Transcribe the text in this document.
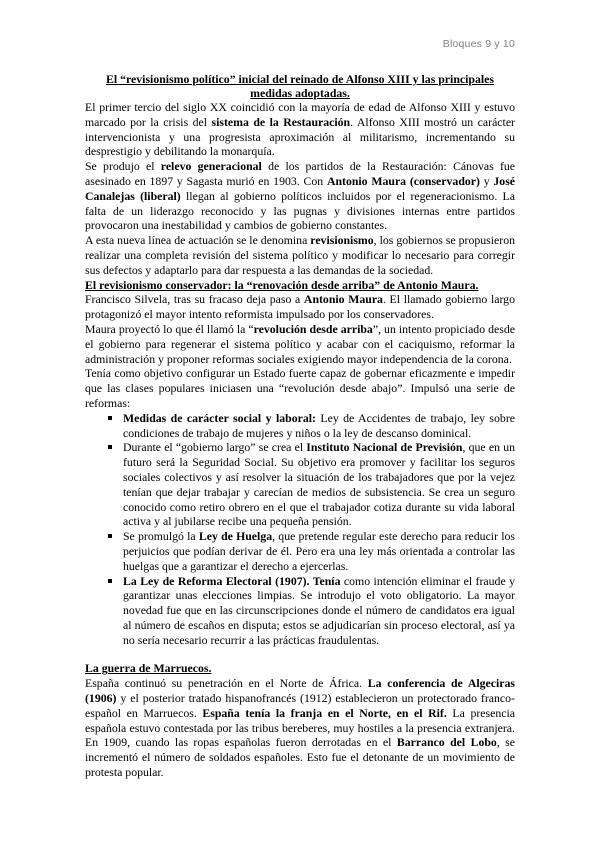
Bloques 9 y 10
El “revisionismo político” inicial del reinado de Alfonso XIII y las principales medidas adoptadas.

El primer tercio del siglo XX coincidió con la mayoría de edad de Alfonso XIII y estuvo marcado por la crisis del sistema de la Restauración. Alfonso XIII mostró un carácter intervencionista y una progresista aproximación al militarismo, incrementando su desprestigio y debilitando la monarquía.

Se produjo el relevo generacional de los partidos de la Restauración: Cánovas fue asesinado en 1897 y Sagasta murió en 1903. Con Antonio Maura (conservador) y José Canalejas (liberal) llegan al gobierno políticos incluidos por el regeneracionismo. La falta de un liderazgo reconocido y las pugnas y divisiones internas entre partidos provocaron una inestabilidad y cambios de gobierno constantes.

A esta nueva línea de actuación se le denomina revisionismo, los gobiernos se propusieron realizar una completa revisión del sistema político y modificar lo necesario para corregir sus defectos y adaptarlo para dar respuesta a las demandas de la sociedad.

El revisionismo conservador: la “renovación desde arriba” de Antonio Maura.

Francisco Silvela, tras su fracaso deja paso a Antonio Maura. El llamado gobierno largo protagonizó el mayor intento reformista impulsado por los conservadores.

Maura proyectó lo que él llamó la “revolución desde arriba”, un intento propiciado desde el gobierno para regenerar el sistema político y acabar con el caciquismo, reformar la administración y proponer reformas sociales exigiendo mayor independencia de la corona.

Tenía como objetivo configurar un Estado fuerte capaz de gobernar eficazmente e impedir que las clases populares iniciasen una “revolución desde abajo”. Impulsó una serie de reformas:

Medidas de carácter social y laboral: Ley de Accidentes de trabajo, ley sobre condiciones de trabajo de mujeres y niños o la ley de descanso dominical.
Durante el “gobierno largo” se crea el Instituto Nacional de Previsión, que en un futuro será la Seguridad Social. Su objetivo era promover y facilitar los seguros sociales colectivos y así resolver la situación de los trabajadores que por la vejez tenían que dejar trabajar y carecían de medios de subsistencia. Se crea un seguro conocido como retiro obrero en el que el trabajador cotiza durante su vida laboral activa y al jubilarse recibe una pequeña pensión.
Se promulgó la Ley de Huelga, que pretende regular este derecho para reducir los perjuicios que podían derivar de él. Pero era una ley más orientada a controlar las huelgas que a garantizar el derecho a ejercerlas.
La Ley de Reforma Electoral (1907). Tenía como intención eliminar el fraude y garantizar unas elecciones limpias. Se introdujo el voto obligatorio. La mayor novedad fue que en las circunscripciones donde el número de candidatos era igual al número de escaños en disputa; estos se adjudicarían sin proceso electoral, así ya no sería necesario recurrir a las prácticas fraudulentas.
La guerra de Marruecos.

España continuó su penetración en el Norte de África. La conferencia de Algeciras (1906) y el posterior tratado hispanofrancés (1912) establecieron un protectorado franco-español en Marruecos. España tenía la franja en el Norte, en el Rif. La presencia española estuvo contestada por las tribus bereberes, muy hostiles a la presencia extranjera. En 1909, cuando las ropas españolas fueron derrotadas en el Barranco del Lobo, se incrementó el número de soldados españoles. Esto fue el detonante de un movimiento de protesta popular.
